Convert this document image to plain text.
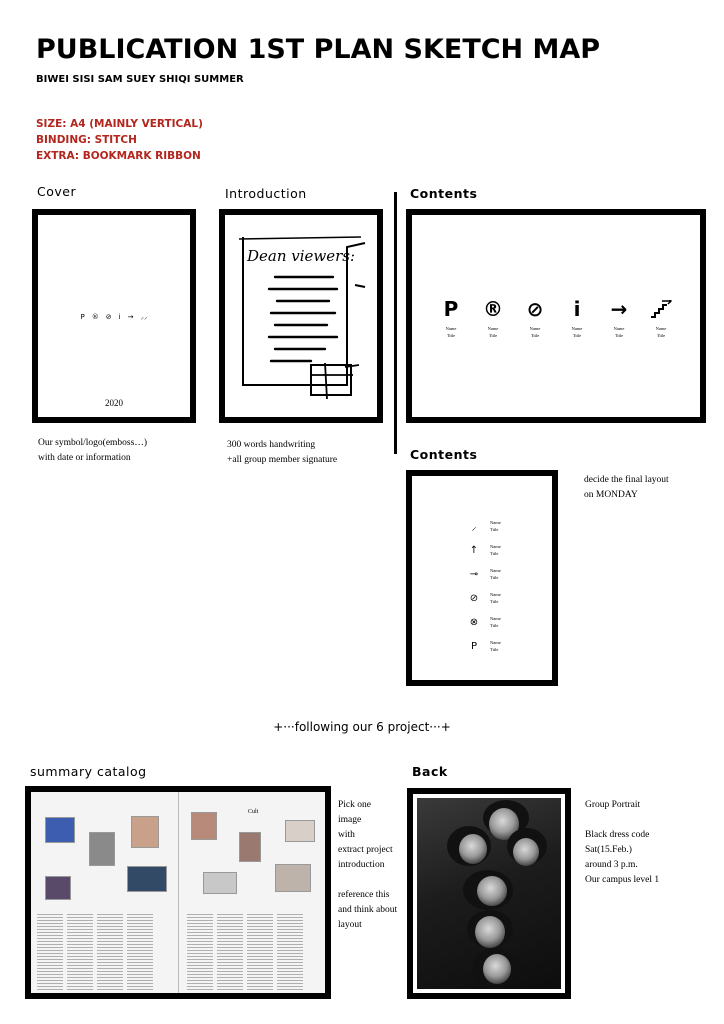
PUBLICATION 1ST PLAN SKETCH MAP
BIWEI SISI SAM SUEY SHIQI SUMMER
SIZE: A4 (MAINLY VERTICAL)
BINDING: STITCH
EXTRA: BOOKMARK RIBBON
Cover
P ® ⊘ i → ⸝⸝
2020
Our symbol/logo(emboss…)
with date or information
Introduction
Dean viewers:
300 words handwriting
+all group member signature
Contents
P
Name
Title
®
Name
Title
⊘
Name
Title
i
Name
Title
→
Name
Title
Name
Title
Contents
⸝	Name
Title
↑	Name
Title
⊸	Name
Title
⊘	Name
Title
⊗	Name
Title
P	Name
Title
decide the final layout
on MONDAY
+···following our 6 project···+
summary catalog
Cult
Pick one
image
with
extract project
introduction
reference this
and think about
layout
Back
Group Portrait
Black dress code
Sat(15.Feb.)
around 3 p.m.
Our campus level 1
